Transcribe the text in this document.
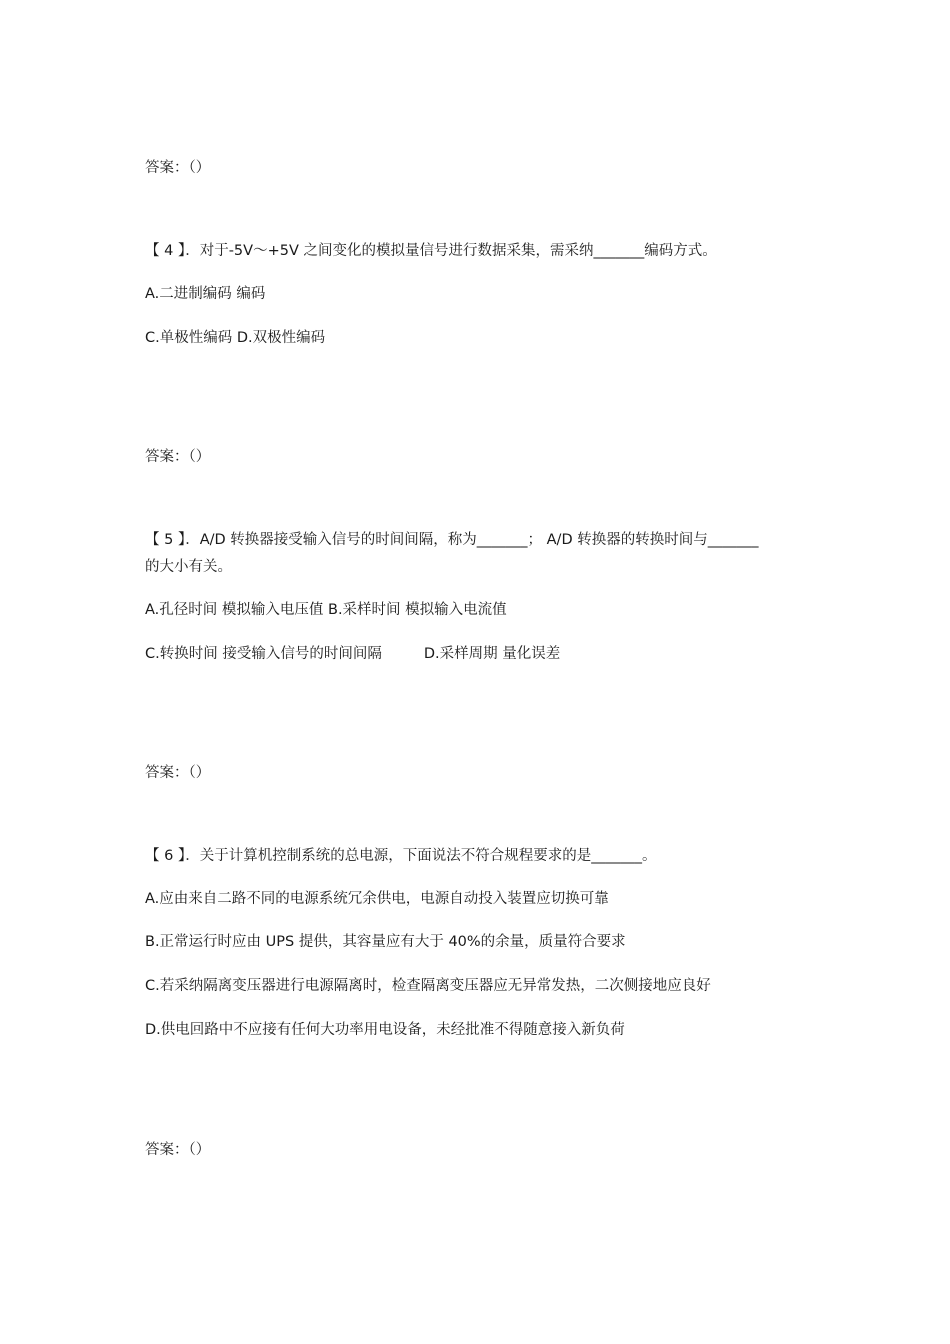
答案：（）
【 4 】．对于-5V～+5V 之间变化的模拟量信号进行数据采集，需采纳_______编码方式。
A.二进制编码 编码
C.单极性编码 D.双极性编码
答案：（）
【 5 】．A/D 转换器接受输入信号的时间间隔，称为_______； A/D 转换器的转换时间与_______
的大小有关。
A.孔径时间 模拟输入电压值 B.采样时间 模拟输入电流值
C.转换时间 接受输入信号的时间间隔	D.采样周期 量化误差
答案：（）
【 6 】．关于计算机控制系统的总电源，下面说法不符合规程要求的是_______。
A.应由来自二路不同的电源系统冗余供电，电源自动投入装置应切换可靠
B.正常运行时应由 UPS 提供，其容量应有大于 40%的余量，质量符合要求
C.若采纳隔离变压器进行电源隔离时，检查隔离变压器应无异常发热，二次侧接地应良好
D.供电回路中不应接有任何大功率用电设备，未经批准不得随意接入新负荷
答案：（）
